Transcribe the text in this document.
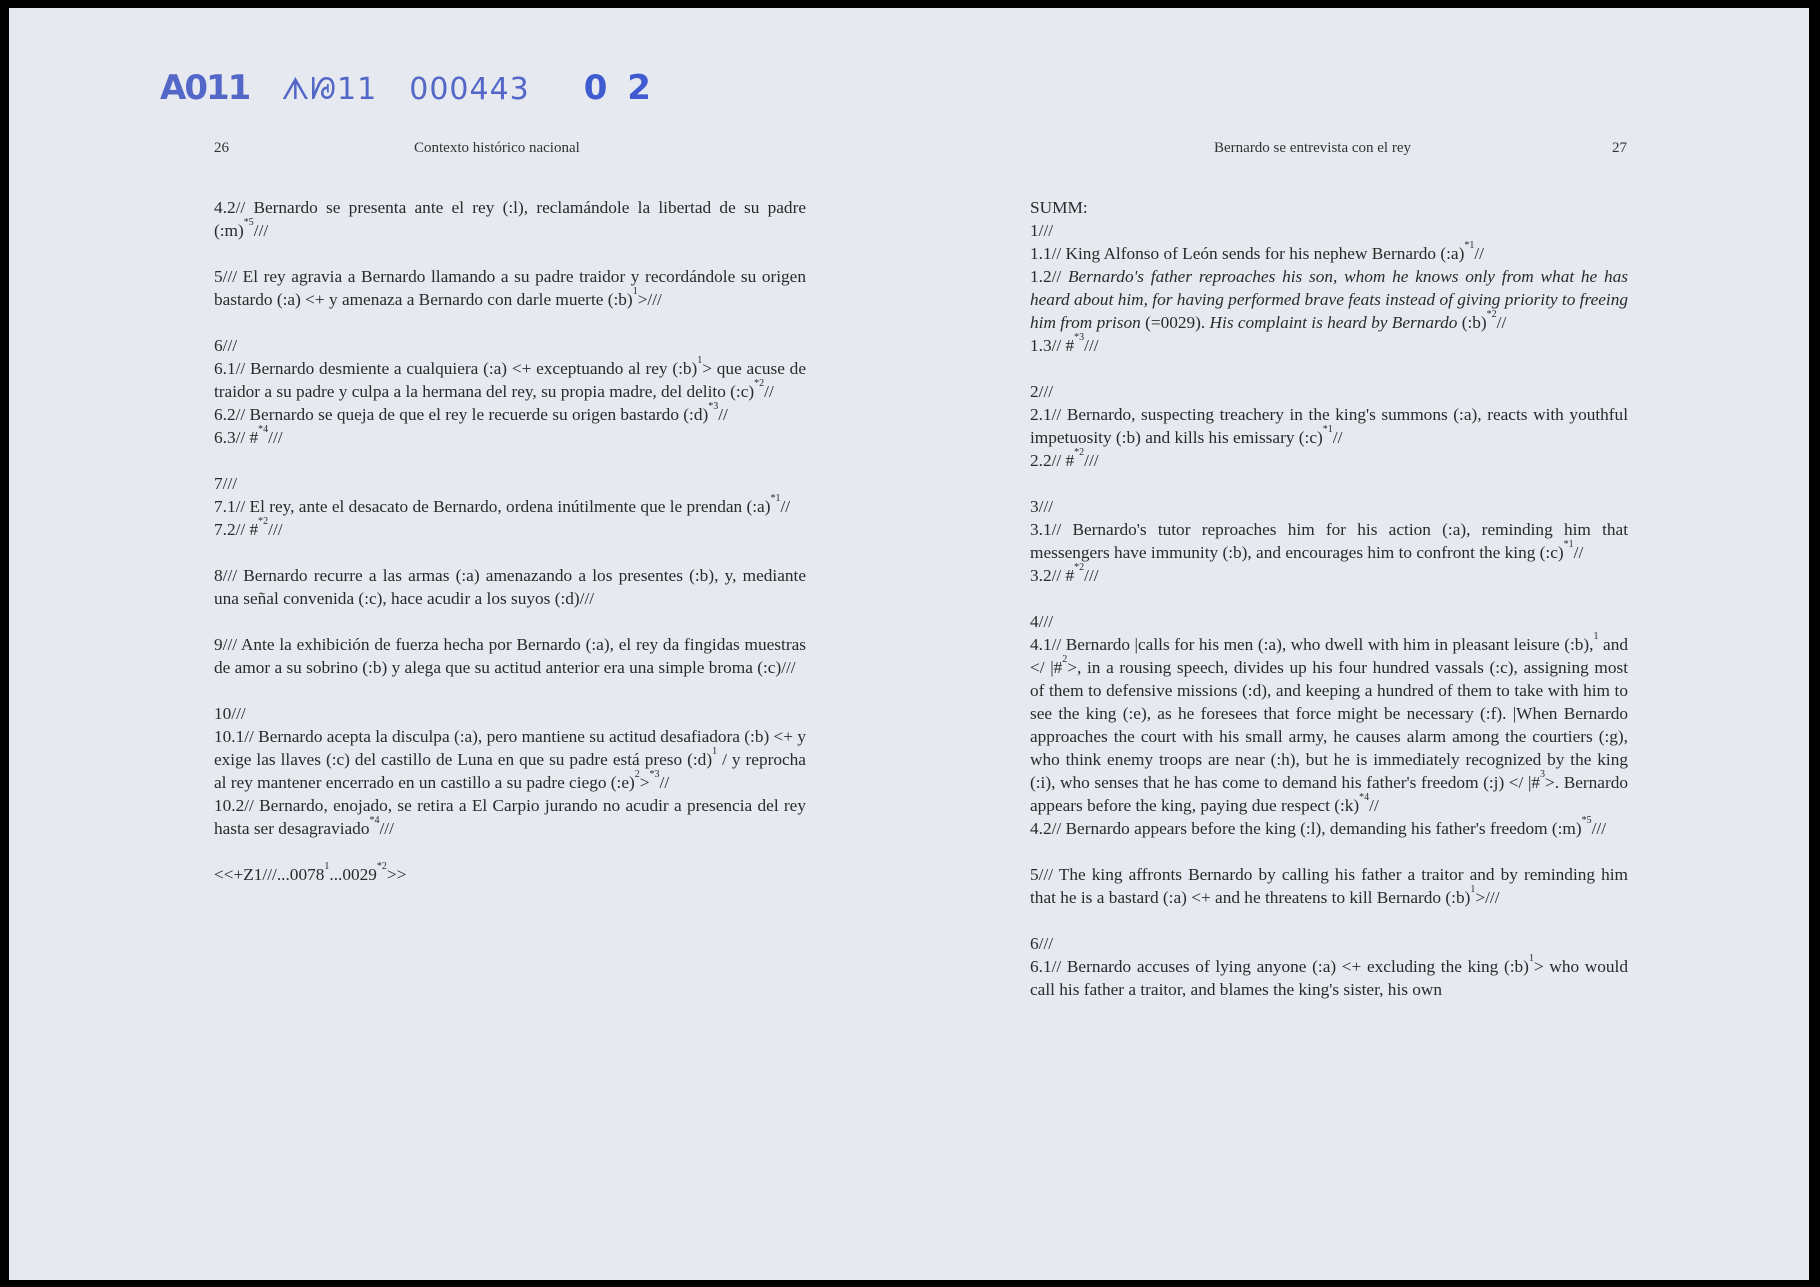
A011 ᗑᘘ11 000443 0 2
26	Contexto histórico nacional	Bernardo se entrevista con el rey	27

4.2// Bernardo se presenta ante el rey (:l), reclamándole la libertad de su padre (:m)$^{*5}$///

5/// El rey agravia a Bernardo llamando a su padre traidor y recordándole su origen bastardo (:a) <+ y amenaza a Bernardo con darle muerte (:b)$^1$>///

6///

6.1// Bernardo desmiente a cualquiera (:a) <+ exceptuando al rey (:b)$^1$> que acuse de traidor a su padre y culpa a la hermana del rey, su propia madre, del delito (:c)$^{*2}$//

6.2// Bernardo se queja de que el rey le recuerde su origen bastardo (:d)$^{*3}$//

6.3// #$^{*4}$///

7///

7.1// El rey, ante el desacato de Bernardo, ordena inútilmente que le prendan (:a)$^{*1}$//

7.2// #$^{*2}$///

8/// Bernardo recurre a las armas (:a) amenazando a los presentes (:b), y, mediante una señal convenida (:c), hace acudir a los suyos (:d)///

9/// Ante la exhibición de fuerza hecha por Bernardo (:a), el rey da fingidas muestras de amor a su sobrino (:b) y alega que su actitud anterior era una simple broma (:c)///

10///

10.1// Bernardo acepta la disculpa (:a), pero mantiene su actitud desafiadora (:b) <+ y exige las llaves (:c) del castillo de Luna en que su padre está preso (:d)$^1$ / y reprocha al rey mantener encerrado en un castillo a su padre ciego (:e)$^2$>$^{*3}$//

10.2// Bernardo, enojado, se retira a El Carpio jurando no acudir a presencia del rey hasta ser desagraviado$^{*4}$///

$<<+Z1///...0078^1...0029^{*2}>>$

SUMM:

1///

1.1// King Alfonso of León sends for his nephew Bernardo (:a)$^{*1}$//

1.2// Bernardo's father reproaches his son, whom he knows only from what he has heard about him, for having performed brave feats instead of giving priority to freeing him from prison (=0029). His complaint is heard by Bernardo (:b)$^{*2}$//

1.3// #$^{*3}$///

2///

2.1// Bernardo, suspecting treachery in the king's summons (:a), reacts with youthful impetuosity (:b) and kills his emissary (:c)$^{*1}$//

2.2// #$^{*2}$///

3///

3.1// Bernardo's tutor reproaches him for his action (:a), reminding him that messengers have immunity (:b), and encourages him to confront the king (:c)$^{*1}$//

3.2// #$^{*2}$///

4///

4.1// Bernardo |calls for his men (:a), who dwell with him in pleasant leisure (:b),$^1$ and </ |#$^2$>, in a rousing speech, divides up his four hundred vassals (:c), assigning most of them to defensive missions (:d), and keeping a hundred of them to take with him to see the king (:e), as he foresees that force might be necessary (:f). |When Bernardo approaches the court with his small army, he causes alarm among the courtiers (:g), who think enemy troops are near (:h), but he is immediately recognized by the king (:i), who senses that he has come to demand his father's freedom (:j) </ |#$^3$>. Bernardo appears before the king, paying due respect (:k)$^{*4}$//

4.2// Bernardo appears before the king (:l), demanding his father's freedom (:m)$^{*5}$///

5/// The king affronts Bernardo by calling his father a traitor and by reminding him that he is a bastard (:a) <+ and he threatens to kill Bernardo (:b)$^1$>///

6///

6.1// Bernardo accuses of lying anyone (:a) <+ excluding the king (:b)$^1$> who would call his father a traitor, and blames the king's sister, his own
